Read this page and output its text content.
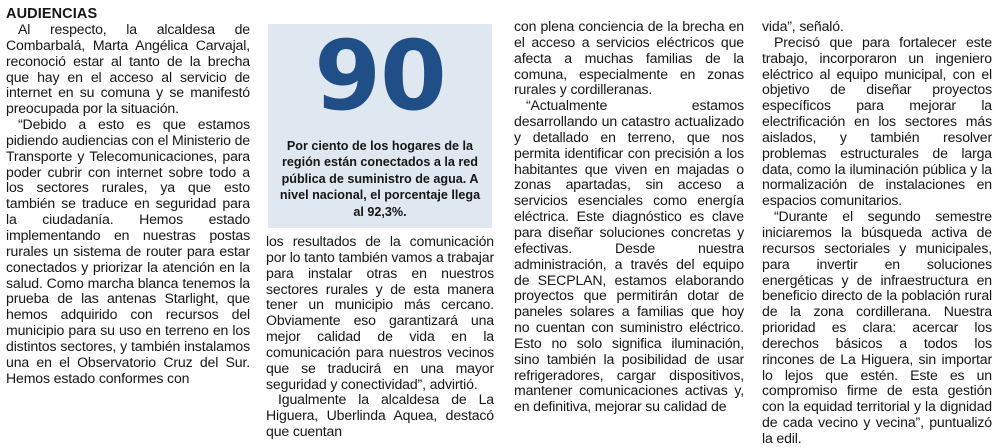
AUDIENCIAS

Al respecto, la alcaldesa de Combarbalá, Marta Angélica Carvajal, reconoció estar al tanto de la brecha que hay en el acceso al servicio de internet en su comuna y se manifestó preocupada por la situación.

“Debido a esto es que estamos pidiendo audiencias con el Ministerio de Transporte y Telecomunicaciones, para poder cubrir con internet sobre todo a los sectores rurales, ya que esto también se traduce en seguridad para la ciudadanía. Hemos estado implementando en nuestras postas rurales un sistema de router para estar conectados y priorizar la atención en la salud. Como marcha blanca tenemos la prueba de las antenas Starlight, que hemos adquirido con recursos del municipio para su uso en terreno en los distintos sectores, y también instalamos una en el Observatorio Cruz del Sur. Hemos estado conformes con

90
Por ciento de los hogares de la región están conectados a la red pública de suministro de agua. A nivel nacional, el porcentaje llega al 92,3%.

los resultados de la comunicación por lo tanto también vamos a trabajar para instalar otras en nuestros sectores rurales y de esta manera tener un municipio más cercano. Obviamente eso garantizará una mejor calidad de vida en la comunicación para nuestros vecinos que se traducirá en una mayor seguridad y conectividad”, advirtió.

Igualmente la alcaldesa de La Higuera, Uberlinda Aquea, destacó que cuentan

con plena conciencia de la brecha en el acceso a servicios eléctricos que afecta a muchas familias de la comuna, especialmente en zonas rurales y cordilleranas.

“Actualmente estamos desarrollando un catastro actualizado y detallado en terreno, que nos permita identificar con precisión a los habitantes que viven en majadas o zonas apartadas, sin acceso a servicios esenciales como energía eléctrica. Este diagnóstico es clave para diseñar soluciones concretas y efectivas. Desde nuestra administración, a través del equipo de SECPLAN, estamos elaborando proyectos que permitirán dotar de paneles solares a familias que hoy no cuentan con suministro eléctrico. Esto no solo significa iluminación, sino también la posibilidad de usar refrigeradores, cargar dispositivos, mantener comunicaciones activas y, en definitiva, mejorar su calidad de

vida”, señaló.

Precisó que para fortalecer este trabajo, incorporaron un ingeniero eléctrico al equipo municipal, con el objetivo de diseñar proyectos específicos para mejorar la electrificación en los sectores más aislados, y también resolver problemas estructurales de larga data, como la iluminación pública y la normalización de instalaciones en espacios comunitarios.

“Durante el segundo semestre iniciaremos la búsqueda activa de recursos sectoriales y municipales, para invertir en soluciones energéticas y de infraestructura en beneficio directo de la población rural de la zona cordillerana. Nuestra prioridad es clara: acercar los derechos básicos a todos los rincones de La Higuera, sin importar lo lejos que estén. Este es un compromiso firme de esta gestión con la equidad territorial y la dignidad de cada vecino y vecina”, puntualizó la edil.
